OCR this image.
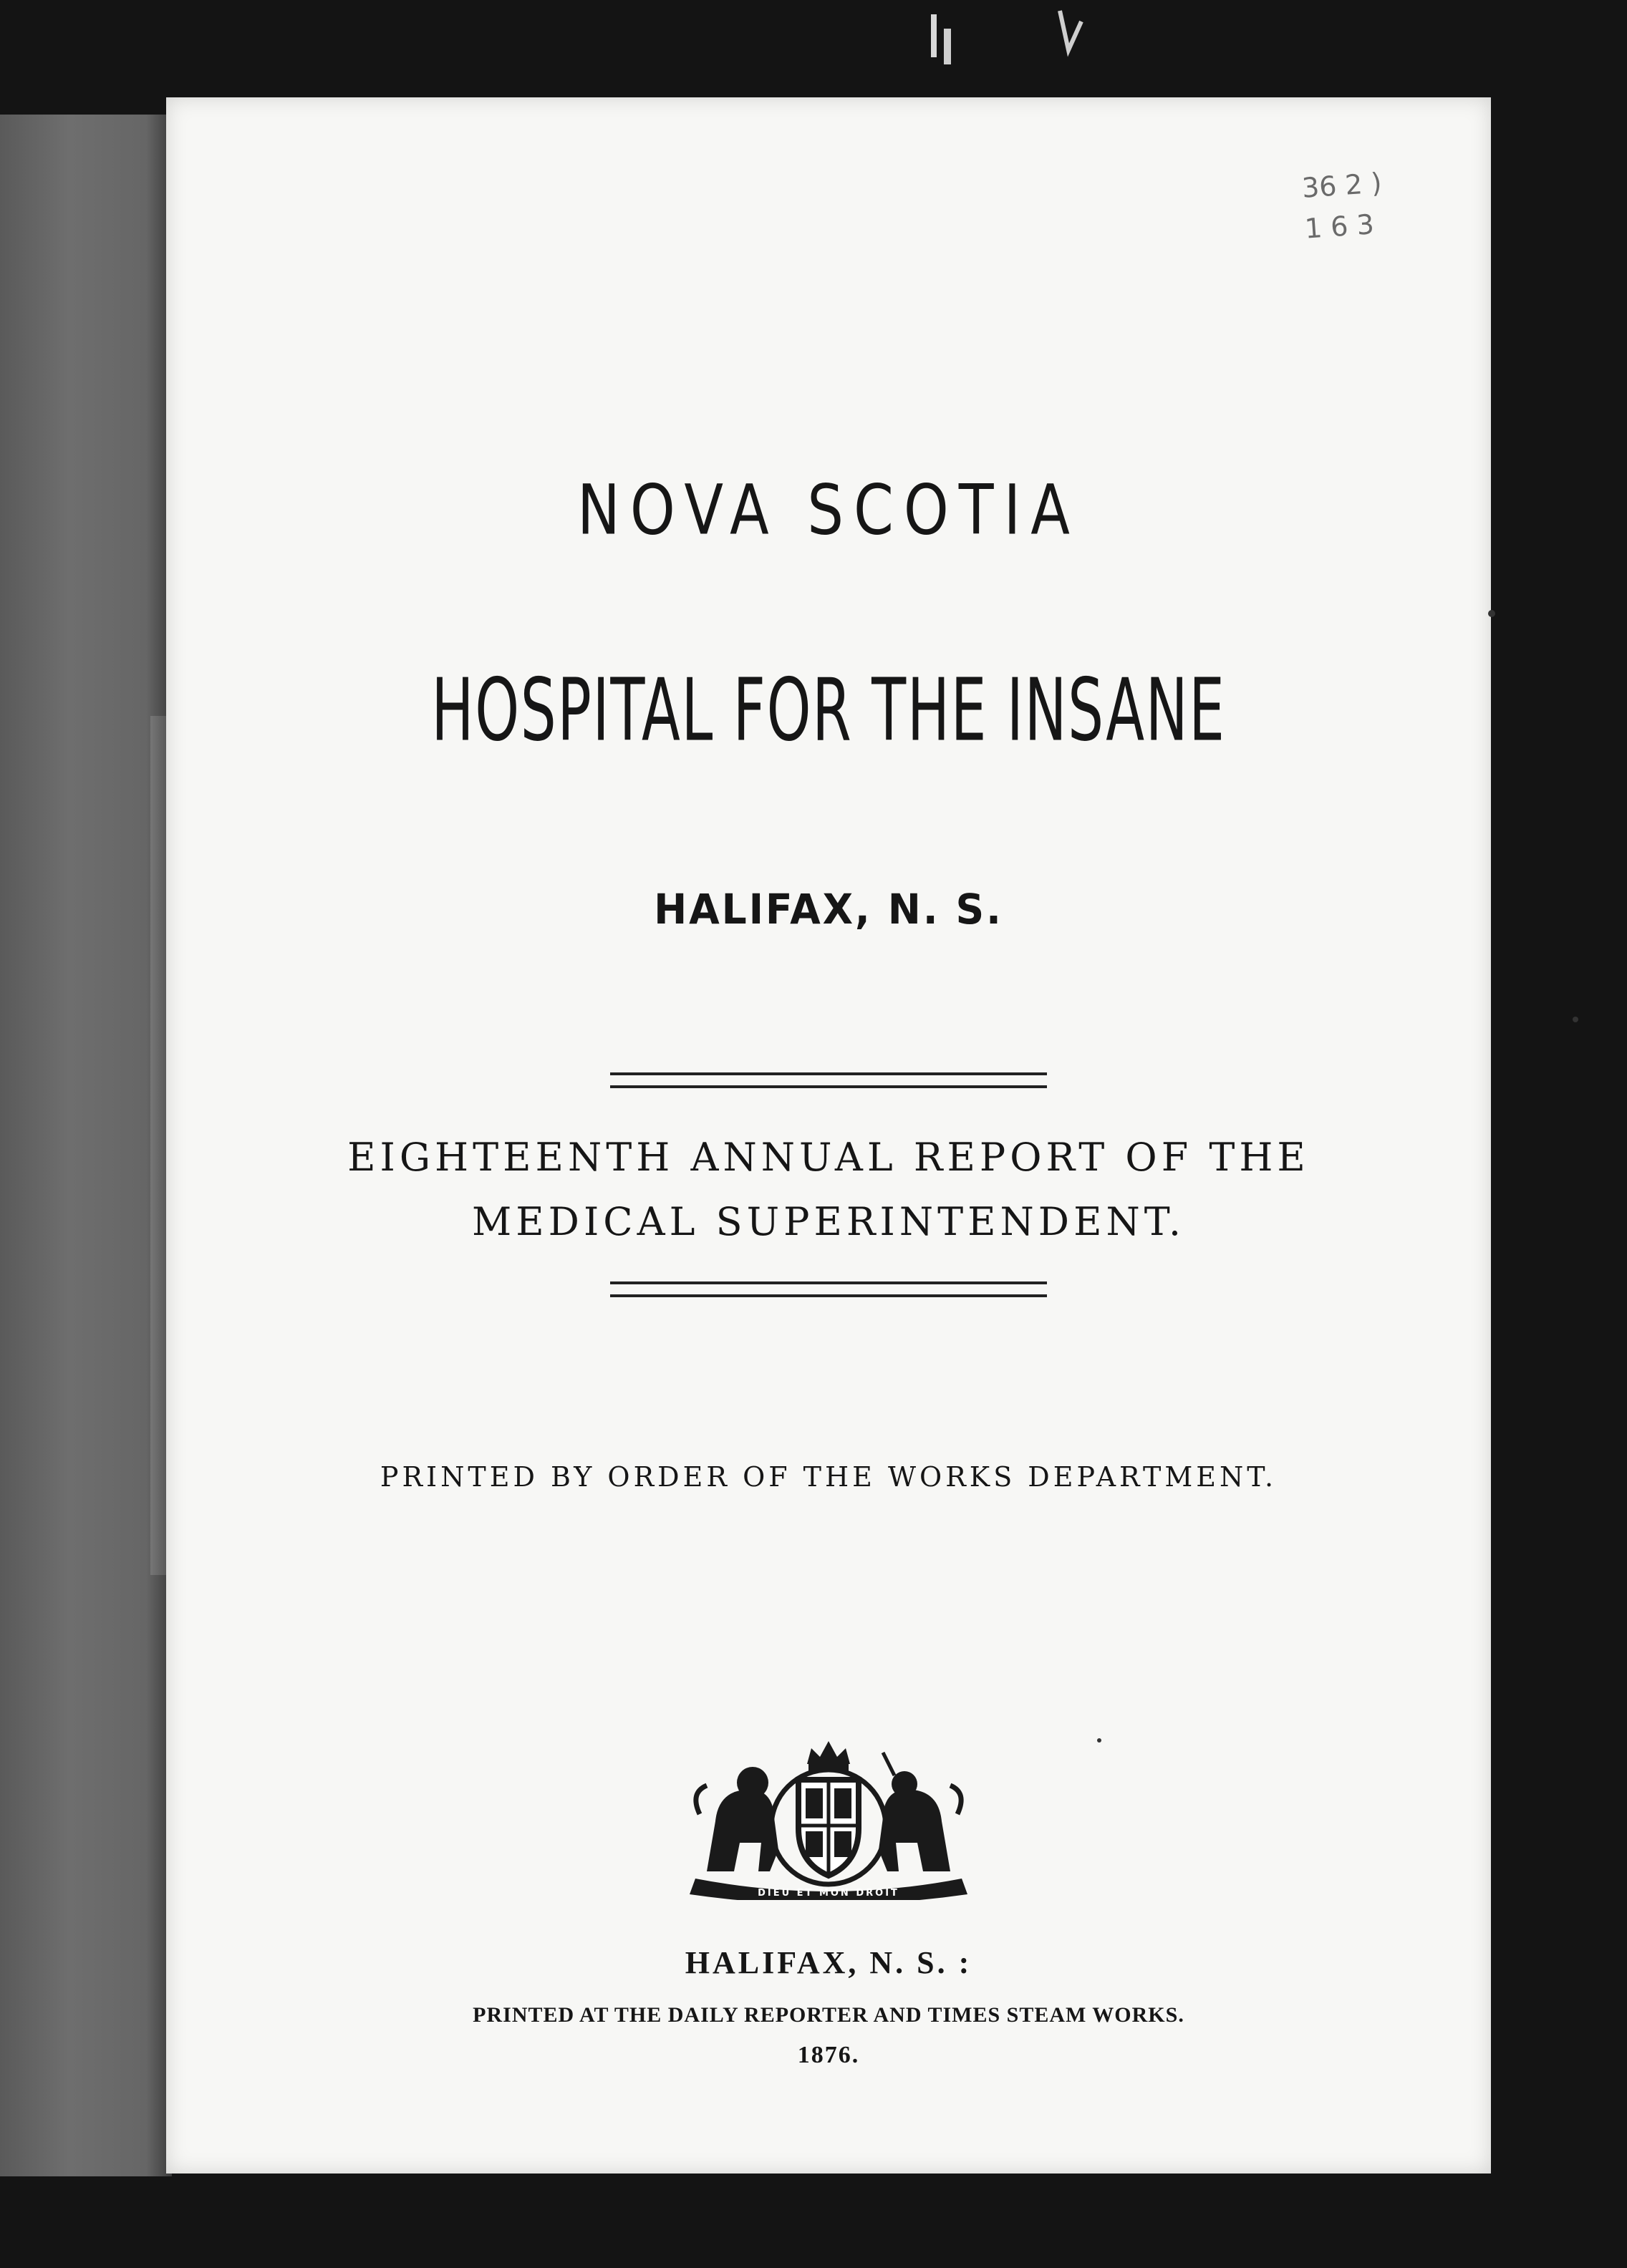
36 2 )
1 6 3
NOVA SCOTIA
HOSPITAL FOR THE INSANE
HALIFAX, N. S.
EIGHTEENTH ANNUAL REPORT OF THE
MEDICAL SUPERINTENDENT.
PRINTED BY ORDER OF THE WORKS DEPARTMENT.
DIEU ET MON DROIT
HALIFAX, N. S. :
PRINTED AT THE DAILY REPORTER AND TIMES STEAM WORKS.
1876.
